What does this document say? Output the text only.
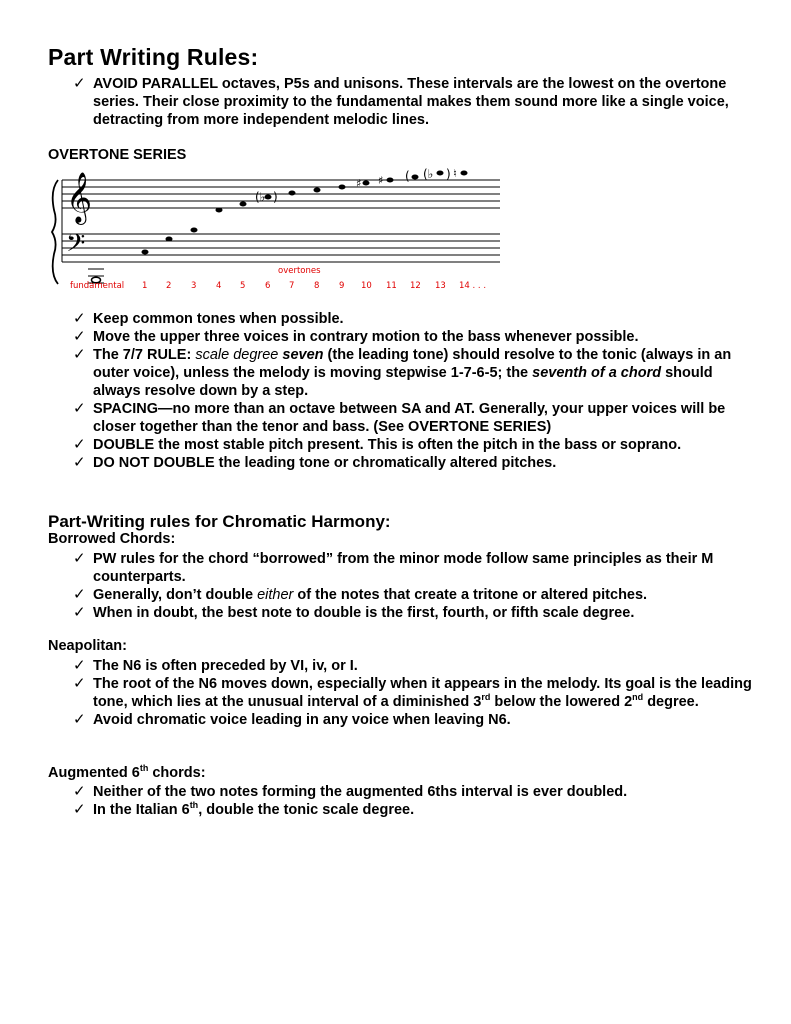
Part Writing Rules:
✓ AVOID PARALLEL octaves, P5s and unisons. These intervals are the lowest on the overtone series. Their close proximity to the fundamental makes them sound more like a single voice, detracting from more independent melodic lines.
OVERTONE SERIES
𝄞
𝄢
(♭ )
♯ ♯ ( (♭ ) ♮
overtones
fundamental 1 2 3 4 5 6 7 8 9 10 11 12 13 14 . . .
✓ Keep common tones when possible.
✓ Move the upper three voices in contrary motion to the bass whenever possible.
✓ The 7/7 RULE: scale degree seven (the leading tone) should resolve to the tonic (always in an outer voice), unless the melody is moving stepwise 1-7-6-5; the seventh of a chord should always resolve down by a step.
✓ SPACING—no more than an octave between SA and AT. Generally, your upper voices will be closer together than the tenor and bass. (See OVERTONE SERIES)
✓ DOUBLE the most stable pitch present. This is often the pitch in the bass or soprano.
✓ DO NOT DOUBLE the leading tone or chromatically altered pitches.
Part-Writing rules for Chromatic Harmony:
Borrowed Chords:
✓ PW rules for the chord “borrowed” from the minor mode follow same principles as their M counterparts.
✓ Generally, don’t double either of the notes that create a tritone or altered pitches.
✓ When in doubt, the best note to double is the first, fourth, or fifth scale degree.
Neapolitan:
✓ The N6 is often preceded by VI, iv, or I.
✓ The root of the N6 moves down, especially when it appears in the melody. Its goal is the leading tone, which lies at the unusual interval of a diminished 3rd below the lowered 2nd degree.
✓ Avoid chromatic voice leading in any voice when leaving N6.
Augmented 6th chords:
✓ Neither of the two notes forming the augmented 6ths interval is ever doubled.
✓ In the Italian 6th, double the tonic scale degree.
